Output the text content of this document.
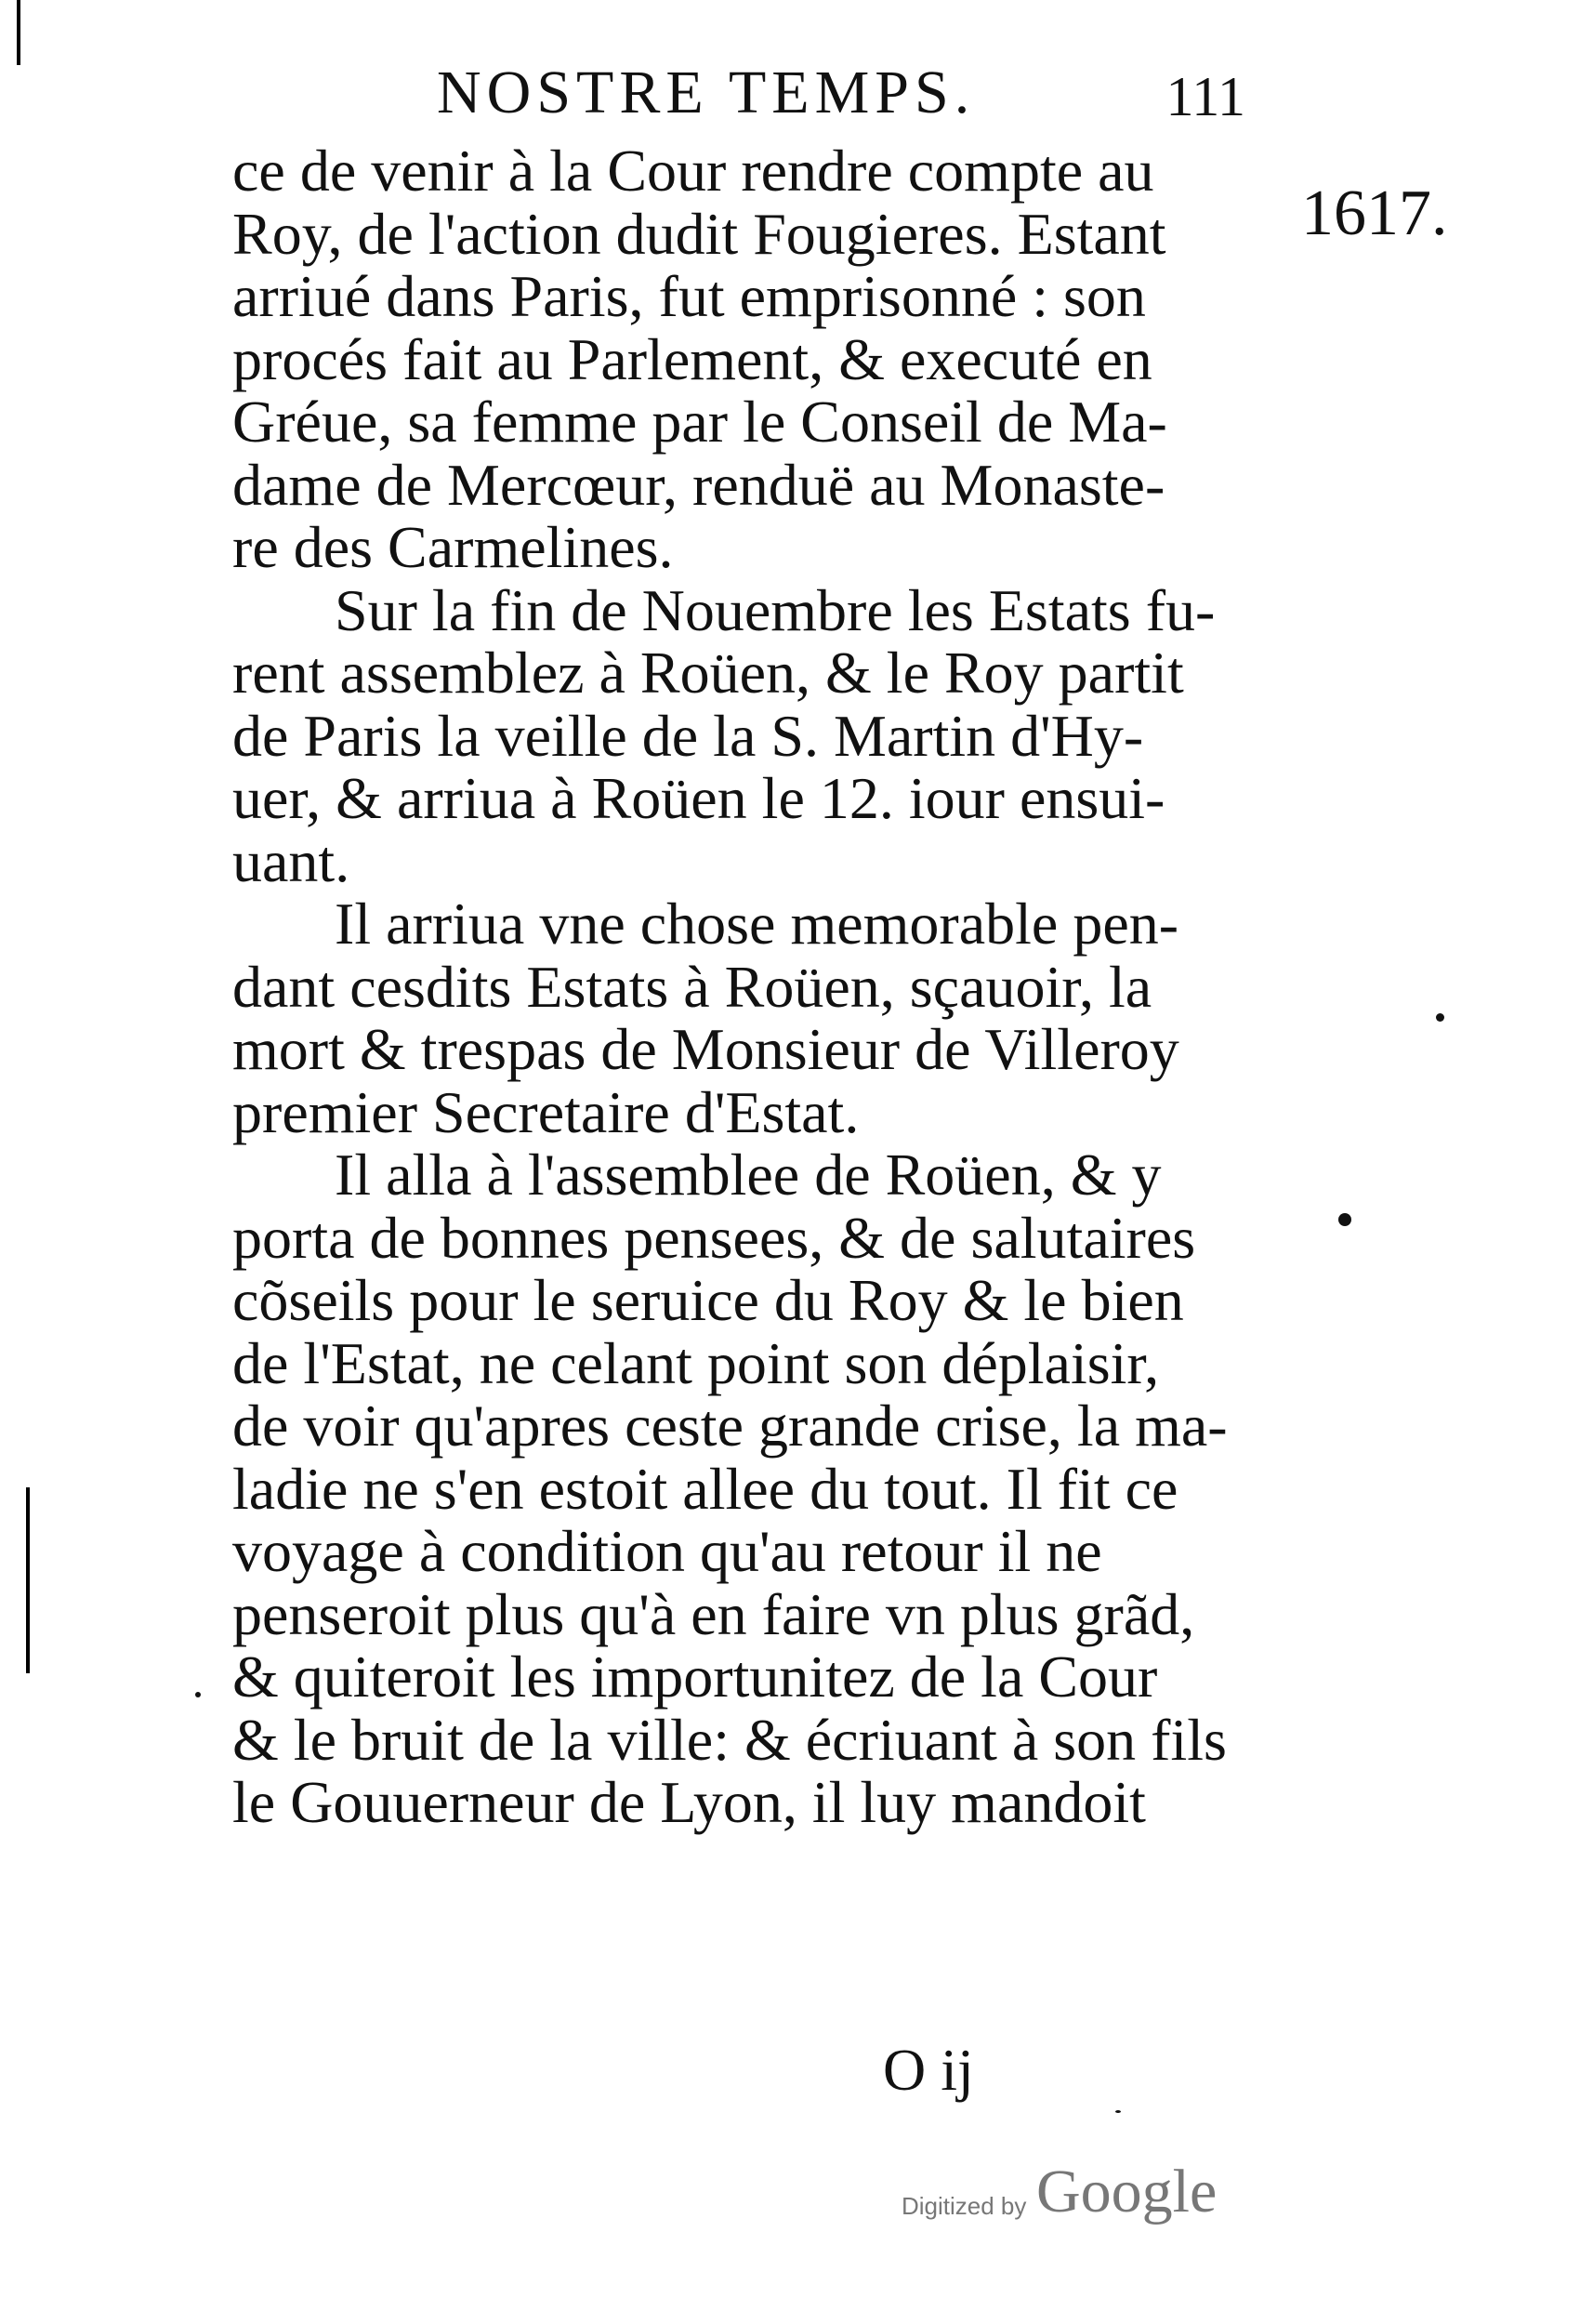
NOSTRE TEMPS.	111
1617.
ce de venir à la Cour rendre compte au
Roy, de l'action dudit Fougieres. Estant
arriué dans Paris, fut emprisonné : son
procés fait au Parlement, & executé en
Gréue, sa femme par le Conseil de Ma-
dame de Mercœur, renduë au Monaste-
re des Carmelines.
Sur la fin de Nouembre les Estats fu-
rent assemblez à Roüen, & le Roy partit
de Paris la veille de la S. Martin d'Hy-
uer, & arriua à Roüen le 12. iour ensui-
uant.
Il arriua vne chose memorable pen-
dant cesdits Estats à Roüen, sçauoir, la
mort & trespas de Monsieur de Villeroy
premier Secretaire d'Estat.
Il alla à l'assemblee de Roüen, & y
porta de bonnes pensees, & de salutaires
cõseils pour le seruice du Roy & le bien
de l'Estat, ne celant point son déplaisir,
de voir qu'apres ceste grande crise, la ma-
ladie ne s'en estoit allee du tout. Il fit ce
voyage à condition qu'au retour il ne
penseroit plus qu'à en faire vn plus grãd,
& quiteroit les importunitez de la Cour
& le bruit de la ville: & écriuant à son fils
le Gouuerneur de Lyon, il luy mandoit
O ij
Digitized by Google
